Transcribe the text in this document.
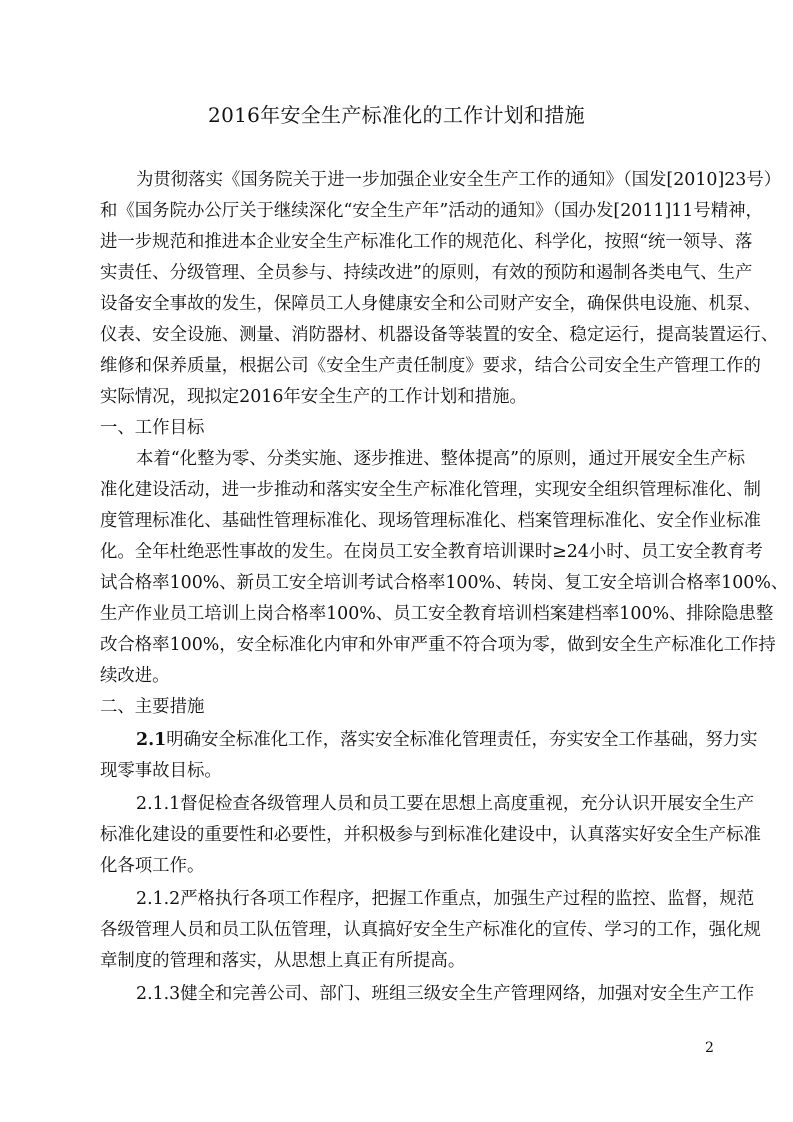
2016年安全生产标准化的工作计划和措施
为贯彻落实《国务院关于进一步加强企业安全生产工作的通知》（国发[2010]23号）
和《国务院办公厅关于继续深化“安全生产年”活动的通知》（国办发[2011]11号精神，
进一步规范和推进本企业安全生产标准化工作的规范化、科学化，按照“统一领导、落
实责任、分级管理、全员参与、持续改进”的原则，有效的预防和遏制各类电气、生产
设备安全事故的发生，保障员工人身健康安全和公司财产安全，确保供电设施、机泵、
仪表、安全设施、测量、消防器材、机器设备等装置的安全、稳定运行，提高装置运行、
维修和保养质量，根据公司《安全生产责任制度》要求，结合公司安全生产管理工作的
实际情况，现拟定2016年安全生产的工作计划和措施。
一、工作目标
本着“化整为零、分类实施、逐步推进、整体提高”的原则，通过开展安全生产标
准化建设活动，进一步推动和落实安全生产标准化管理，实现安全组织管理标准化、制
度管理标准化、基础性管理标准化、现场管理标准化、档案管理标准化、安全作业标准
化。全年杜绝恶性事故的发生。在岗员工安全教育培训课时≥24小时、员工安全教育考
试合格率100%、新员工安全培训考试合格率100%、转岗、复工安全培训合格率100%、
生产作业员工培训上岗合格率100%、员工安全教育培训档案建档率100%、排除隐患整
改合格率100%，安全标准化内审和外审严重不符合项为零，做到安全生产标准化工作持
续改进。
二、主要措施
2.1明确安全标准化工作，落实安全标准化管理责任，夯实安全工作基础，努力实
现零事故目标。
2.1.1督促检查各级管理人员和员工要在思想上高度重视，充分认识开展安全生产
标准化建设的重要性和必要性，并积极参与到标准化建设中，认真落实好安全生产标准
化各项工作。
2.1.2严格执行各项工作程序，把握工作重点，加强生产过程的监控、监督，规范
各级管理人员和员工队伍管理，认真搞好安全生产标准化的宣传、学习的工作，强化规
章制度的管理和落实，从思想上真正有所提高。
2.1.3健全和完善公司、部门、班组三级安全生产管理网络，加强对安全生产工作
2
